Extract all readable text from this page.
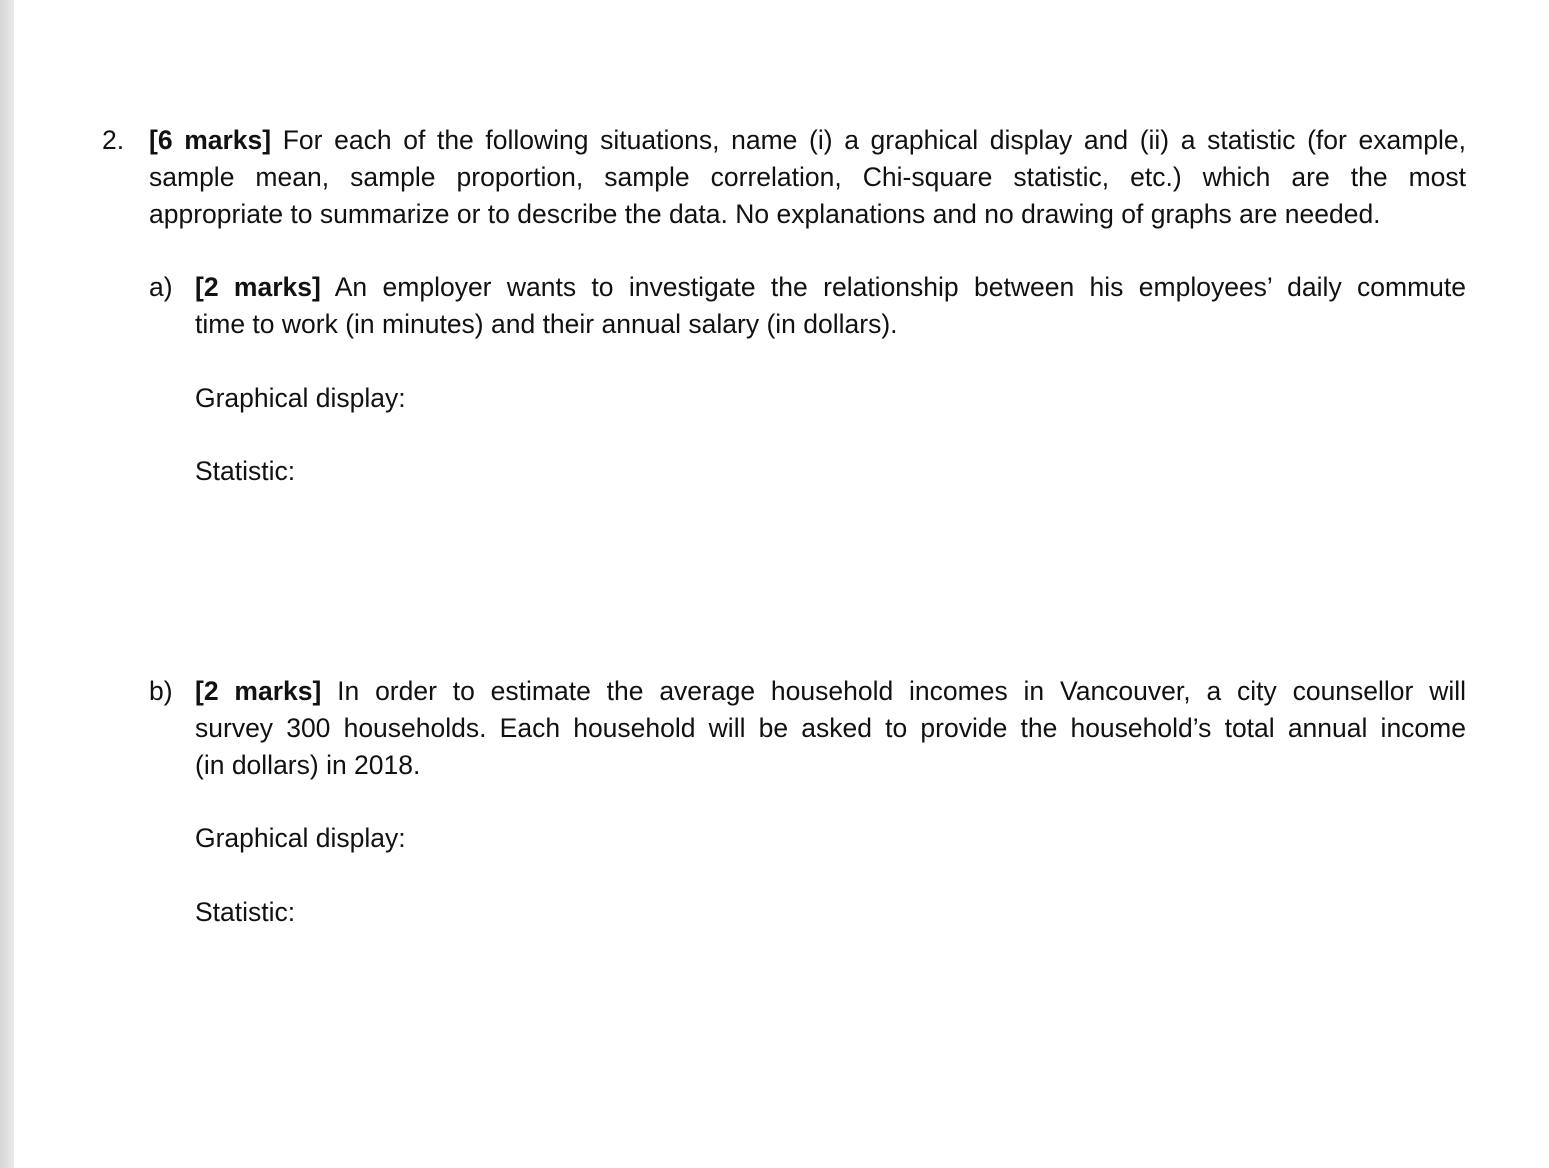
2. [6 marks] For each of the following situations, name (i) a graphical display and (ii) a statistic (for example,
sample mean, sample proportion, sample correlation, Chi-square statistic, etc.) which are the most
appropriate to summarize or to describe the data. No explanations and no drawing of graphs are needed.
a) [2 marks] An employer wants to investigate the relationship between his employees’ daily commute
time to work (in minutes) and their annual salary (in dollars).
Graphical display:
Statistic:
b) [2 marks] In order to estimate the average household incomes in Vancouver, a city counsellor will
survey 300 households. Each household will be asked to provide the household’s total annual income
(in dollars) in 2018.
Graphical display:
Statistic:
